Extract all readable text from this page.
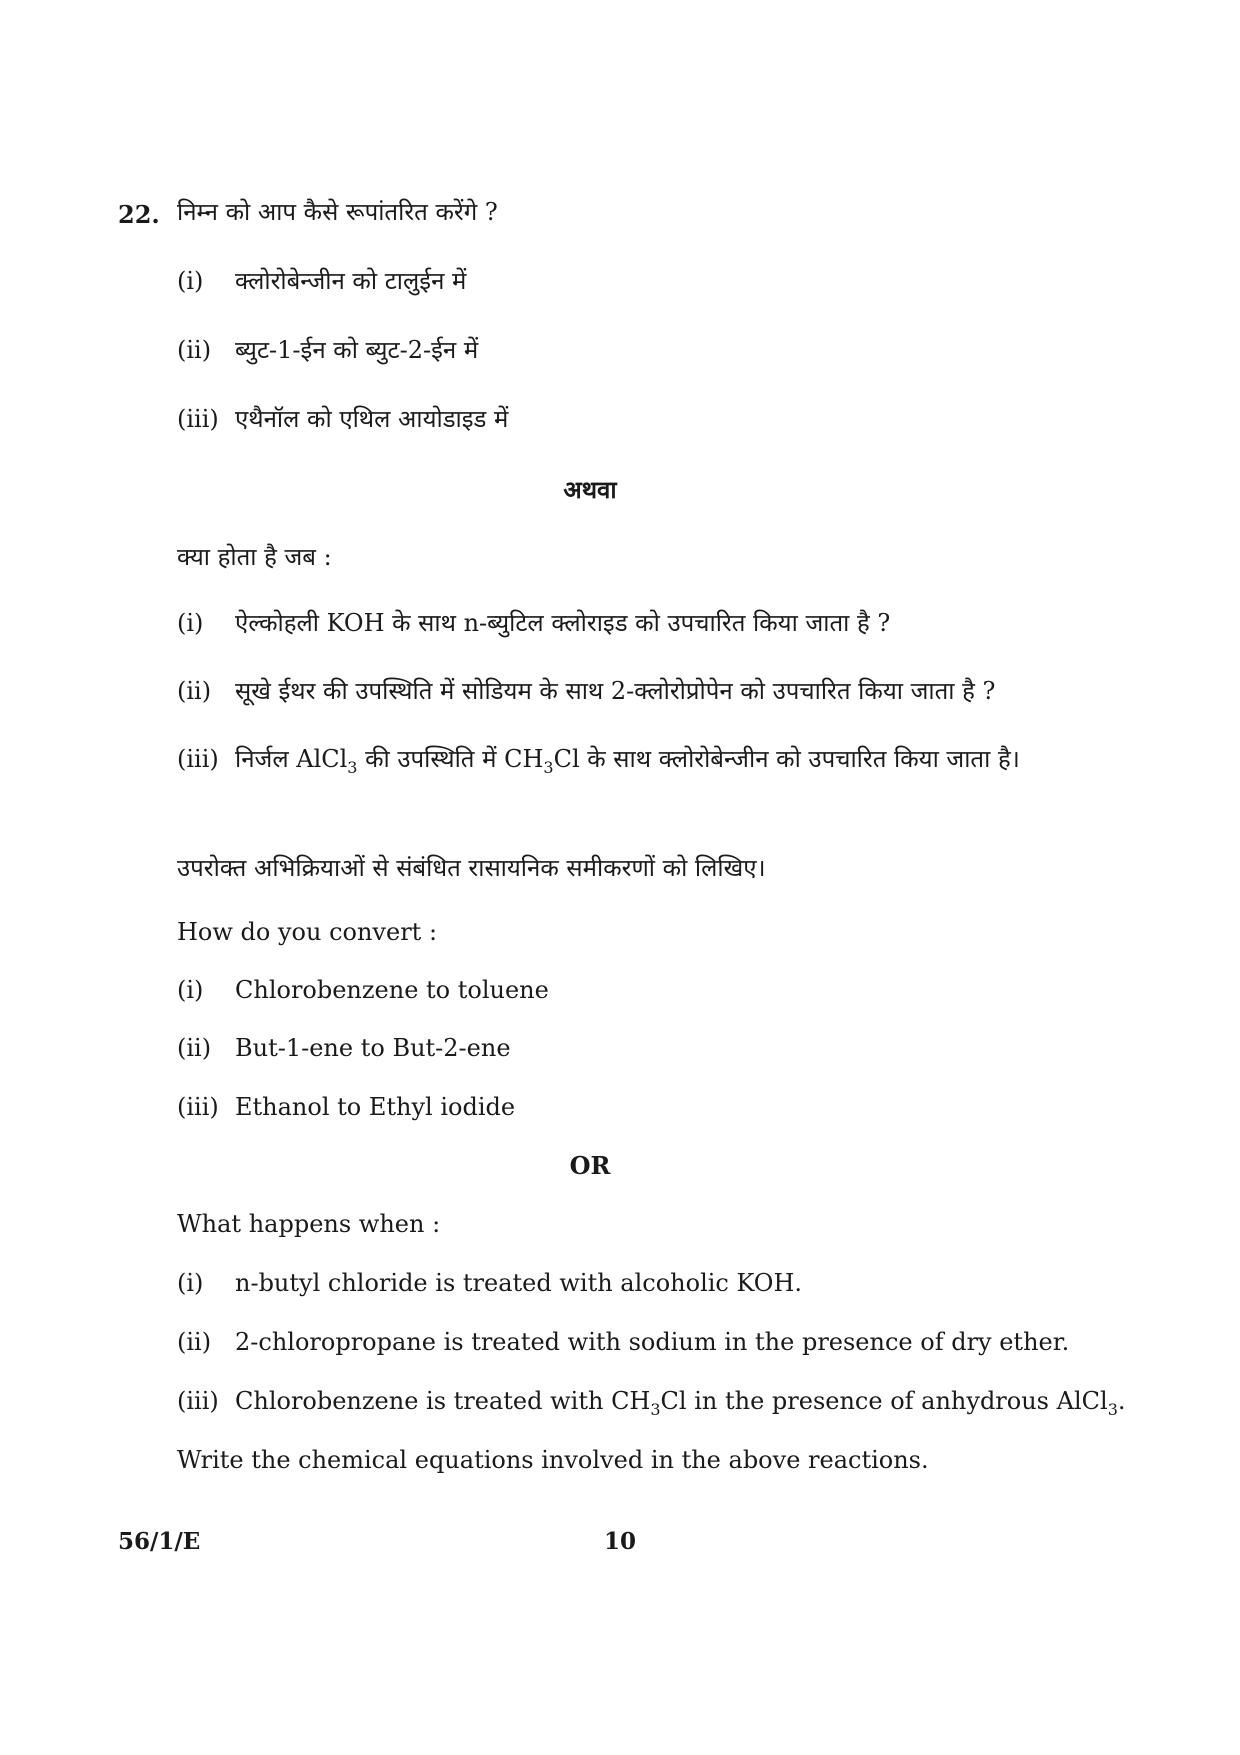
22. निम्न को आप कैसे रूपांतरित करेंगे ?
(i) क्लोरोबेन्जीन को टालुईन में
(ii) ब्युट-1-ईन को ब्युट-2-ईन में
(iii) एथैनॉल को एथिल आयोडाइड में
अथवा
क्या होता है जब :
(i) ऐल्कोहली KOH के साथ n-ब्युटिल क्लोराइड को उपचारित किया जाता है ?
(ii) सूखे ईथर की उपस्थिति में सोडियम के साथ 2-क्लोरोप्रोपेन को उपचारित किया जाता है ?
(iii) निर्जल AlCl$_3$ की उपस्थिति में $CH_3Cl$ के साथ क्लोरोबेन्जीन को उपचारित किया जाता है।
उपरोक्त अभिक्रियाओं से संबंधित रासायनिक समीकरणों को लिखिए।
How do you convert :
(i) Chlorobenzene to toluene
(ii) But-1-ene to But-2-ene
(iii) Ethanol to Ethyl iodide
OR
What happens when :
(i) n-butyl chloride is treated with alcoholic KOH.
(ii) 2-chloropropane is treated with sodium in the presence of dry ether.
(iii) Chlorobenzene is treated with $CH_3Cl$ in the presence of anhydrous AlCl$_3$.
Write the chemical equations involved in the above reactions.
56/1/E	10
